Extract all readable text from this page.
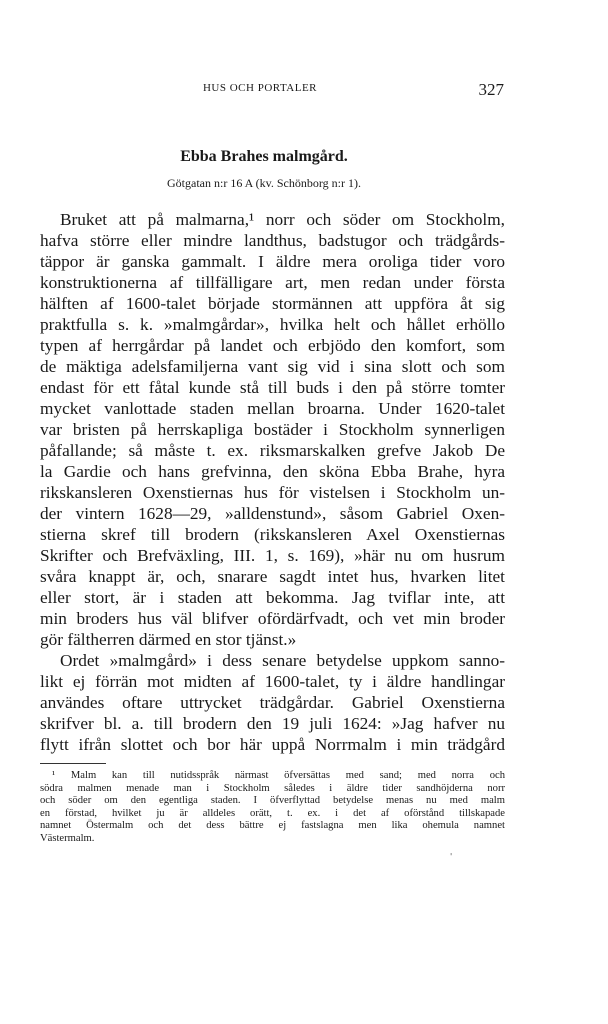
HUS OCH PORTALER	327
Ebba Brahes malmgård.
Götgatan n:r 16 A (kv. Schönborg n:r 1).
Bruket att på malmarna,¹ norr och söder om Stockholm,
hafva större eller mindre landthus, badstugor och trädgårds-
täppor är ganska gammalt. I äldre mera oroliga tider voro
konstruktionerna af tillfälligare art, men redan under första
hälften af 1600-talet började stormännen att uppföra åt sig
praktfulla s. k. »malmgårdar», hvilka helt och hållet erhöllo
typen af herrgårdar på landet och erbjödo den komfort, som
de mäktiga adelsfamiljerna vant sig vid i sina slott och som
endast för ett fåtal kunde stå till buds i den på större tomter
mycket vanlottade staden mellan broarna. Under 1620-talet
var bristen på herrskapliga bostäder i Stockholm synnerligen
påfallande; så måste t. ex. riksmarskalken grefve Jakob De
la Gardie och hans grefvinna, den sköna Ebba Brahe, hyra
rikskansleren Oxenstiernas hus för vistelsen i Stockholm un-
der vintern 1628—29, »alldenstund», såsom Gabriel Oxen-
stierna skref till brodern (rikskansleren Axel Oxenstiernas
Skrifter och Brefväxling, III. 1, s. 169), »här nu om husrum
svåra knappt är, och, snarare sagdt intet hus, hvarken litet
eller stort, är i staden att bekomma. Jag tviflar inte, att
min broders hus väl blifver ofördärfvadt, och vet min broder
gör fältherren därmed en stor tjänst.»
Ordet »malmgård» i dess senare betydelse uppkom sanno-
likt ej förrän mot midten af 1600-talet, ty i äldre handlingar
användes oftare uttrycket trädgårdar. Gabriel Oxenstierna
skrifver bl. a. till brodern den 19 juli 1624: »Jag hafver nu
flytt ifrån slottet och bor här uppå Norrmalm i min trädgård
¹ Malm kan till nutidsspråk närmast öfversättas med sand; med norra och
södra malmen menade man i Stockholm således i äldre tider sandhöjderna norr
och söder om den egentliga staden. I öfverflyttad betydelse menas nu med malm
en förstad, hvilket ju är alldeles orätt, t. ex. i det af oförstånd tillskapade
namnet Östermalm och det dess bättre ej fastslagna men lika ohemula namnet
Västermalm.
'
